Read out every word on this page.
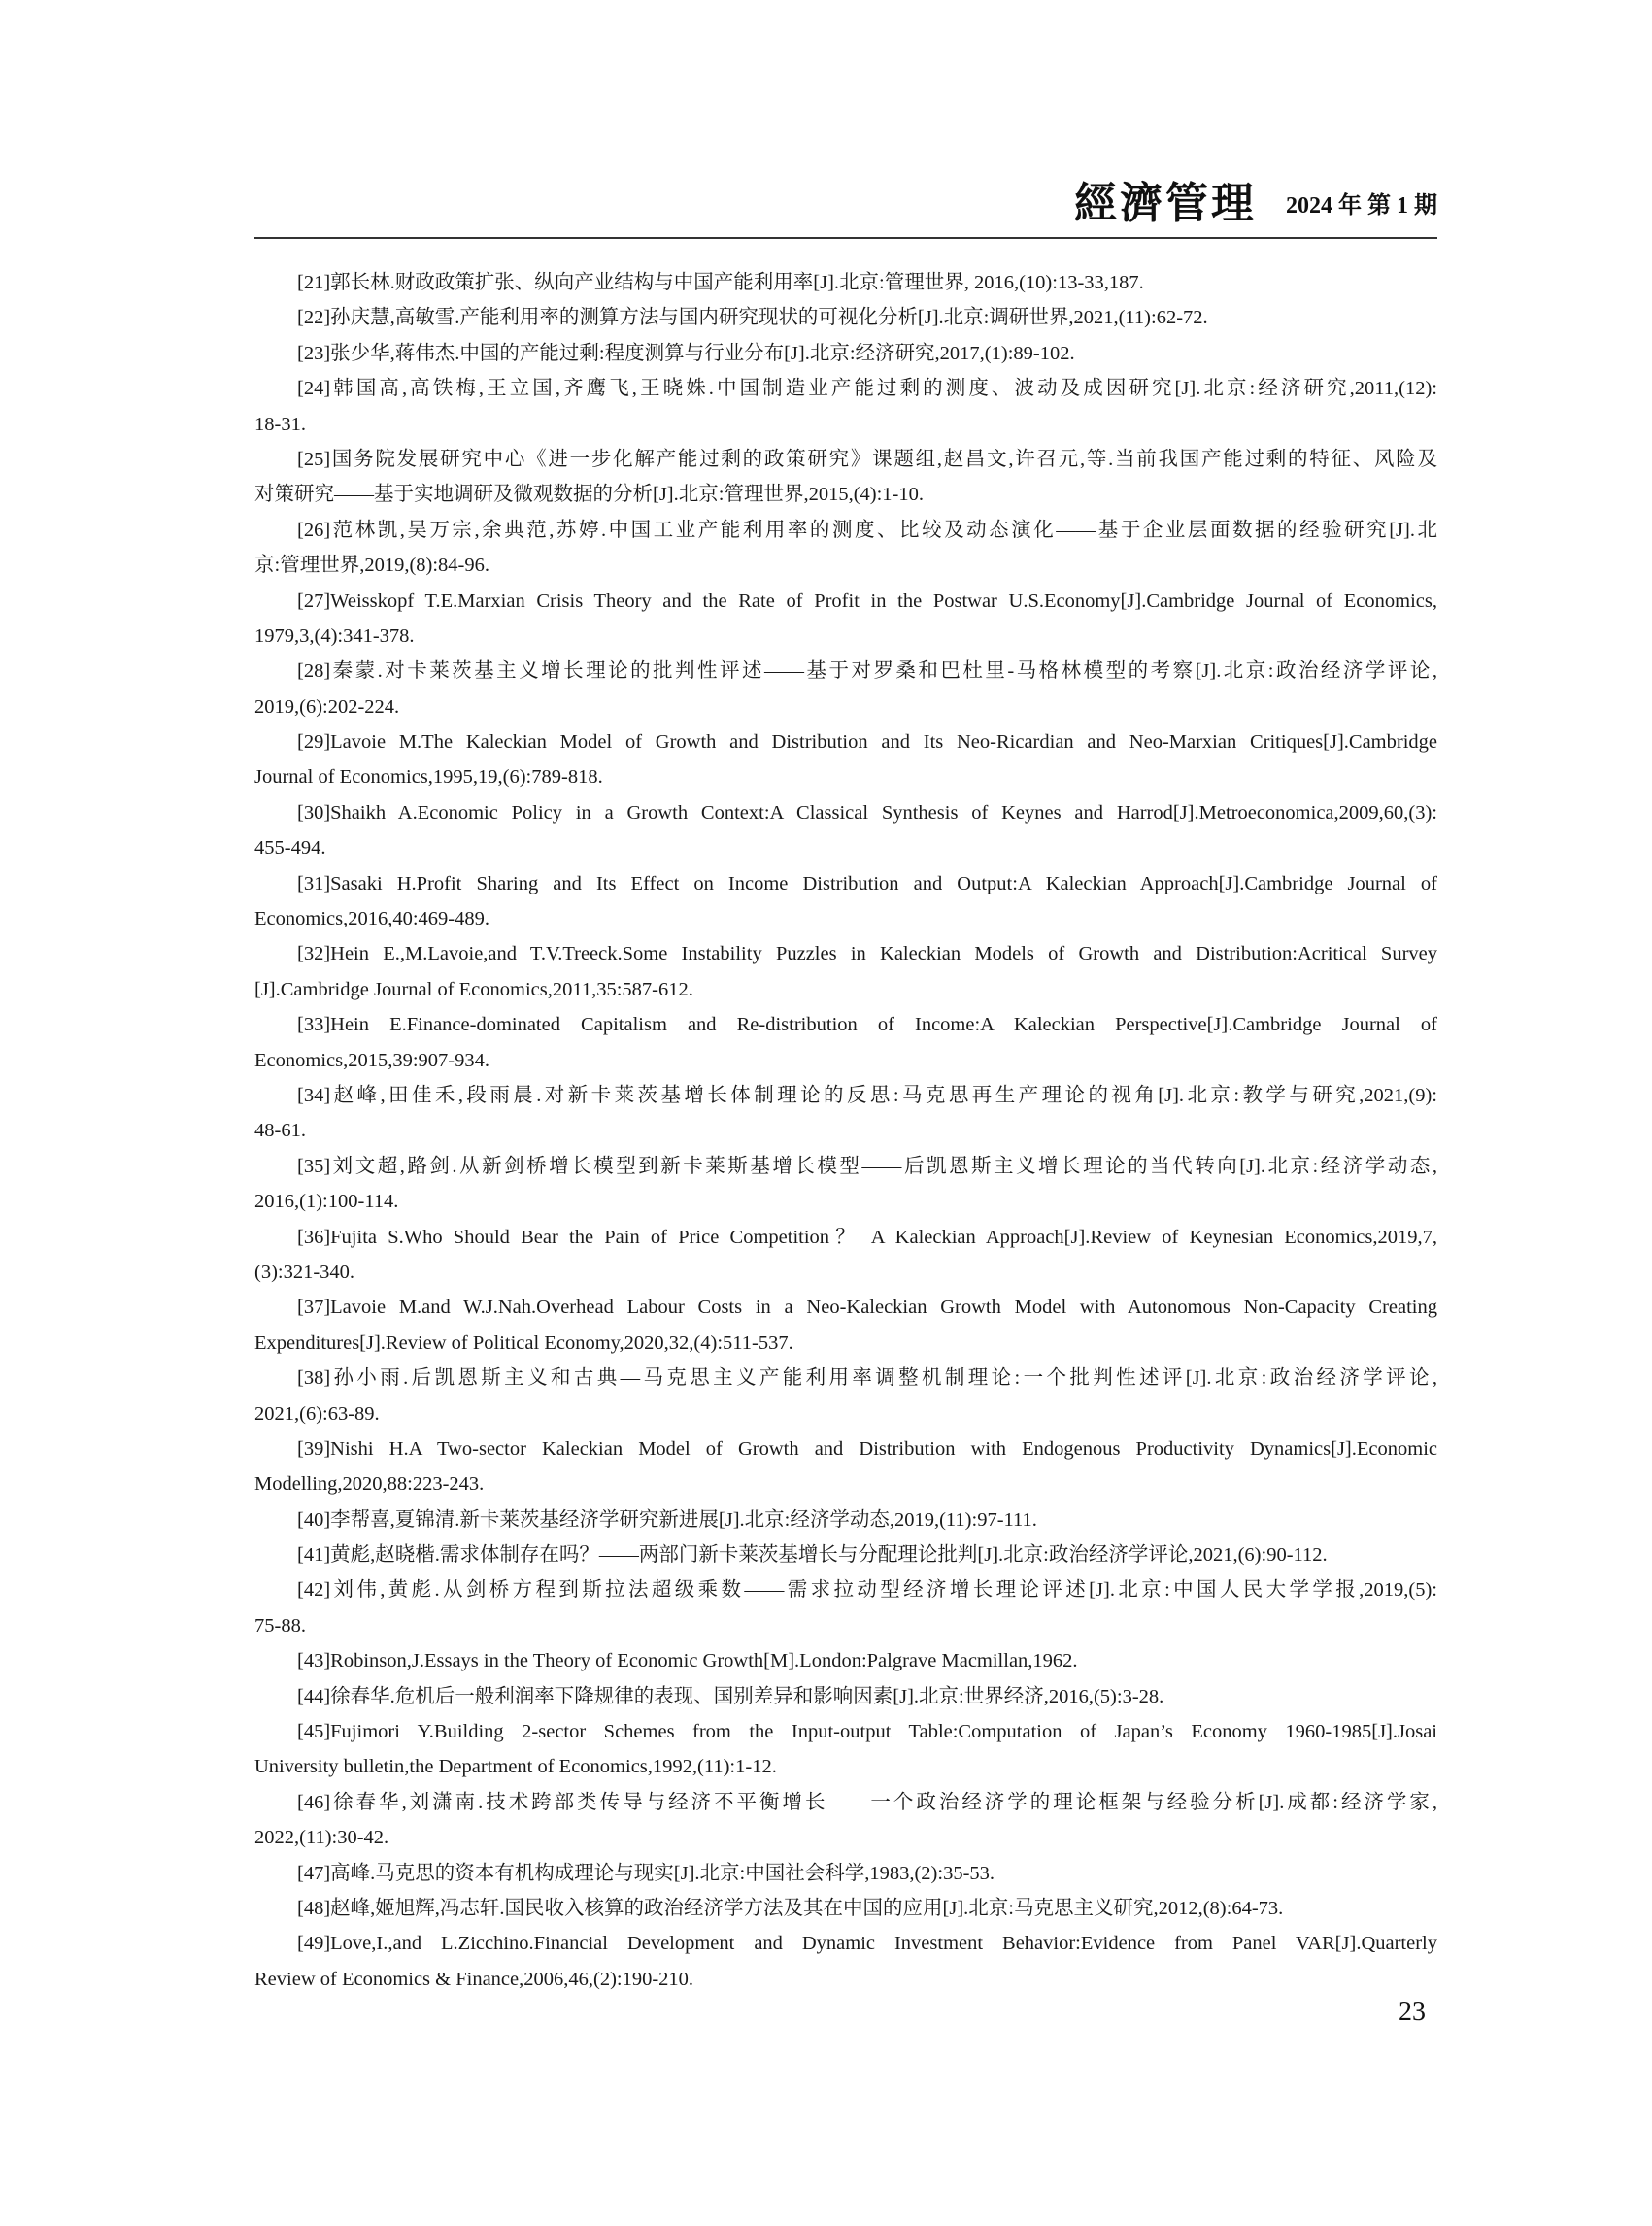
經濟管理 2024 年 第 1 期
[21]郭长林.财政政策扩张、纵向产业结构与中国产能利用率[J].北京:管理世界, 2016,(10):13-33,187.
[22]孙庆慧,高敏雪.产能利用率的测算方法与国内研究现状的可视化分析[J].北京:调研世界,2021,(11):62-72.
[23]张少华,蒋伟杰.中国的产能过剩:程度测算与行业分布[J].北京:经济研究,2017,(1):89-102.
[24]韩国高,高铁梅,王立国,齐鹰飞,王晓姝.中国制造业产能过剩的测度、波动及成因研究[J].北京:经济研究,2011,(12):
18-31.
[25]国务院发展研究中心《进一步化解产能过剩的政策研究》课题组,赵昌文,许召元,等.当前我国产能过剩的特征、风险及
对策研究——基于实地调研及微观数据的分析[J].北京:管理世界,2015,(4):1-10.
[26]范林凯,吴万宗,余典范,苏婷.中国工业产能利用率的测度、比较及动态演化——基于企业层面数据的经验研究[J].北
京:管理世界,2019,(8):84-96.
[27]Weisskopf T.E.Marxian Crisis Theory and the Rate of Profit in the Postwar U.S.Economy[J].Cambridge Journal of Economics,
1979,3,(4):341-378.
[28]秦蒙.对卡莱茨基主义增长理论的批判性评述——基于对罗桑和巴杜里-马格林模型的考察[J].北京:政治经济学评论,
2019,(6):202-224.
[29]Lavoie M.The Kaleckian Model of Growth and Distribution and Its Neo-Ricardian and Neo-Marxian Critiques[J].Cambridge
Journal of Economics,1995,19,(6):789-818.
[30]Shaikh A.Economic Policy in a Growth Context:A Classical Synthesis of Keynes and Harrod[J].Metroeconomica,2009,60,(3):
455-494.
[31]Sasaki H.Profit Sharing and Its Effect on Income Distribution and Output:A Kaleckian Approach[J].Cambridge Journal of
Economics,2016,40:469-489.
[32]Hein E.,M.Lavoie,and T.V.Treeck.Some Instability Puzzles in Kaleckian Models of Growth and Distribution:Acritical Survey
[J].Cambridge Journal of Economics,2011,35:587-612.
[33]Hein E.Finance-dominated Capitalism and Re-distribution of Income:A Kaleckian Perspective[J].Cambridge Journal of
Economics,2015,39:907-934.
[34]赵峰,田佳禾,段雨晨.对新卡莱茨基增长体制理论的反思:马克思再生产理论的视角[J].北京:教学与研究,2021,(9):
48-61.
[35]刘文超,路剑.从新剑桥增长模型到新卡莱斯基增长模型——后凯恩斯主义增长理论的当代转向[J].北京:经济学动态,
2016,(1):100-114.
[36]Fujita S.Who Should Bear the Pain of Price Competition？ A Kaleckian Approach[J].Review of Keynesian Economics,2019,7,
(3):321-340.
[37]Lavoie M.and W.J.Nah.Overhead Labour Costs in a Neo-Kaleckian Growth Model with Autonomous Non-Capacity Creating
Expenditures[J].Review of Political Economy,2020,32,(4):511-537.
[38]孙小雨.后凯恩斯主义和古典—马克思主义产能利用率调整机制理论:一个批判性述评[J].北京:政治经济学评论,
2021,(6):63-89.
[39]Nishi H.A Two-sector Kaleckian Model of Growth and Distribution with Endogenous Productivity Dynamics[J].Economic
Modelling,2020,88:223-243.
[40]李帮喜,夏锦清.新卡莱茨基经济学研究新进展[J].北京:经济学动态,2019,(11):97-111.
[41]黄彪,赵晓楷.需求体制存在吗？——两部门新卡莱茨基增长与分配理论批判[J].北京:政治经济学评论,2021,(6):90-112.
[42]刘伟,黄彪.从剑桥方程到斯拉法超级乘数——需求拉动型经济增长理论评述[J].北京:中国人民大学学报,2019,(5):
75-88.
[43]Robinson,J.Essays in the Theory of Economic Growth[M].London:Palgrave Macmillan,1962.
[44]徐春华.危机后一般利润率下降规律的表现、国别差异和影响因素[J].北京:世界经济,2016,(5):3-28.
[45]Fujimori Y.Building 2-sector Schemes from the Input-output Table:Computation of Japan’s Economy 1960-1985[J].Josai
University bulletin,the Department of Economics,1992,(11):1-12.
[46]徐春华,刘潇南.技术跨部类传导与经济不平衡增长——一个政治经济学的理论框架与经验分析[J].成都:经济学家,
2022,(11):30-42.
[47]高峰.马克思的资本有机构成理论与现实[J].北京:中国社会科学,1983,(2):35-53.
[48]赵峰,姬旭辉,冯志轩.国民收入核算的政治经济学方法及其在中国的应用[J].北京:马克思主义研究,2012,(8):64-73.
[49]Love,I.,and L.Zicchino.Financial Development and Dynamic Investment Behavior:Evidence from Panel VAR[J].Quarterly
Review of Economics & Finance,2006,46,(2):190-210.
23
